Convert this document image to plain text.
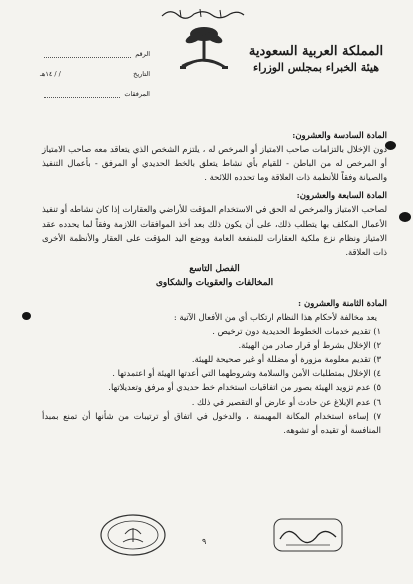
الرقم
التاريخ
/ / ١٤هـ
المرفقات
المملكة العربية السعودية
هيئة الخبراء بمجلس الوزراء
المادة السادسة والعشرون:
دون الإخلال بالتزامات صاحب الامتياز أو المرخص له ، يلتزم الشخص الذي يتعاقد معه صاحب الامتياز أو المرخص له من الباطن - للقيام بأي نشاط يتعلق بالخط الحديدي أو المرفق - بأعمال التنفيذ والصيانة وفقاً للأنظمة ذات العلاقة وما تحدده اللائحة .
المادة السابعة والعشرون:
لصاحب الامتياز والمرخص له الحق في الاستخدام المؤقت للأراضي والعقارات إذا كان نشاطه أو تنفيذ الأعمال المكلف بها يتطلب ذلك، على أن يكون ذلك بعد أخذ الموافقات اللازمة وفقاً لما يحدده عقد الامتياز ونظام نزع ملكية العقارات للمنفعة العامة ووضع اليد المؤقت على العقار والأنظمة الأخرى ذات العلاقة.
الفصل التاسع
المخالفات والعقوبات والشكاوى
المادة الثامنة والعشرون :
يعد مخالفة لأحكام هذا النظام ارتكاب أي من الأفعال الآتية :
١) تقديم خدمات الخطوط الحديدية دون ترخيص .
٢) الإخلال بشرط أو قرار صادر من الهيئة.
٣) تقديم معلومة مزورة أو مضللة أو غير صحيحة للهيئة.
٤) الإخلال بمتطلبات الأمن والسلامة وشروطهما التي أعدتها الهيئة أو اعتمدتها .
٥) عدم تزويد الهيئة بصور من اتفاقيات استخدام خط حديدي أو مرفق وتعديلاتها.
٦) عدم الإبلاغ عن حادث أو عارض أو التقصير في ذلك .
٧) إساءة استخدام المكانة المهيمنة ، والدخول في اتفاق أو ترتيبات من شأنها أن تمنع بمبدأ المنافسة أو تقيده أو تشوهه.
٩
